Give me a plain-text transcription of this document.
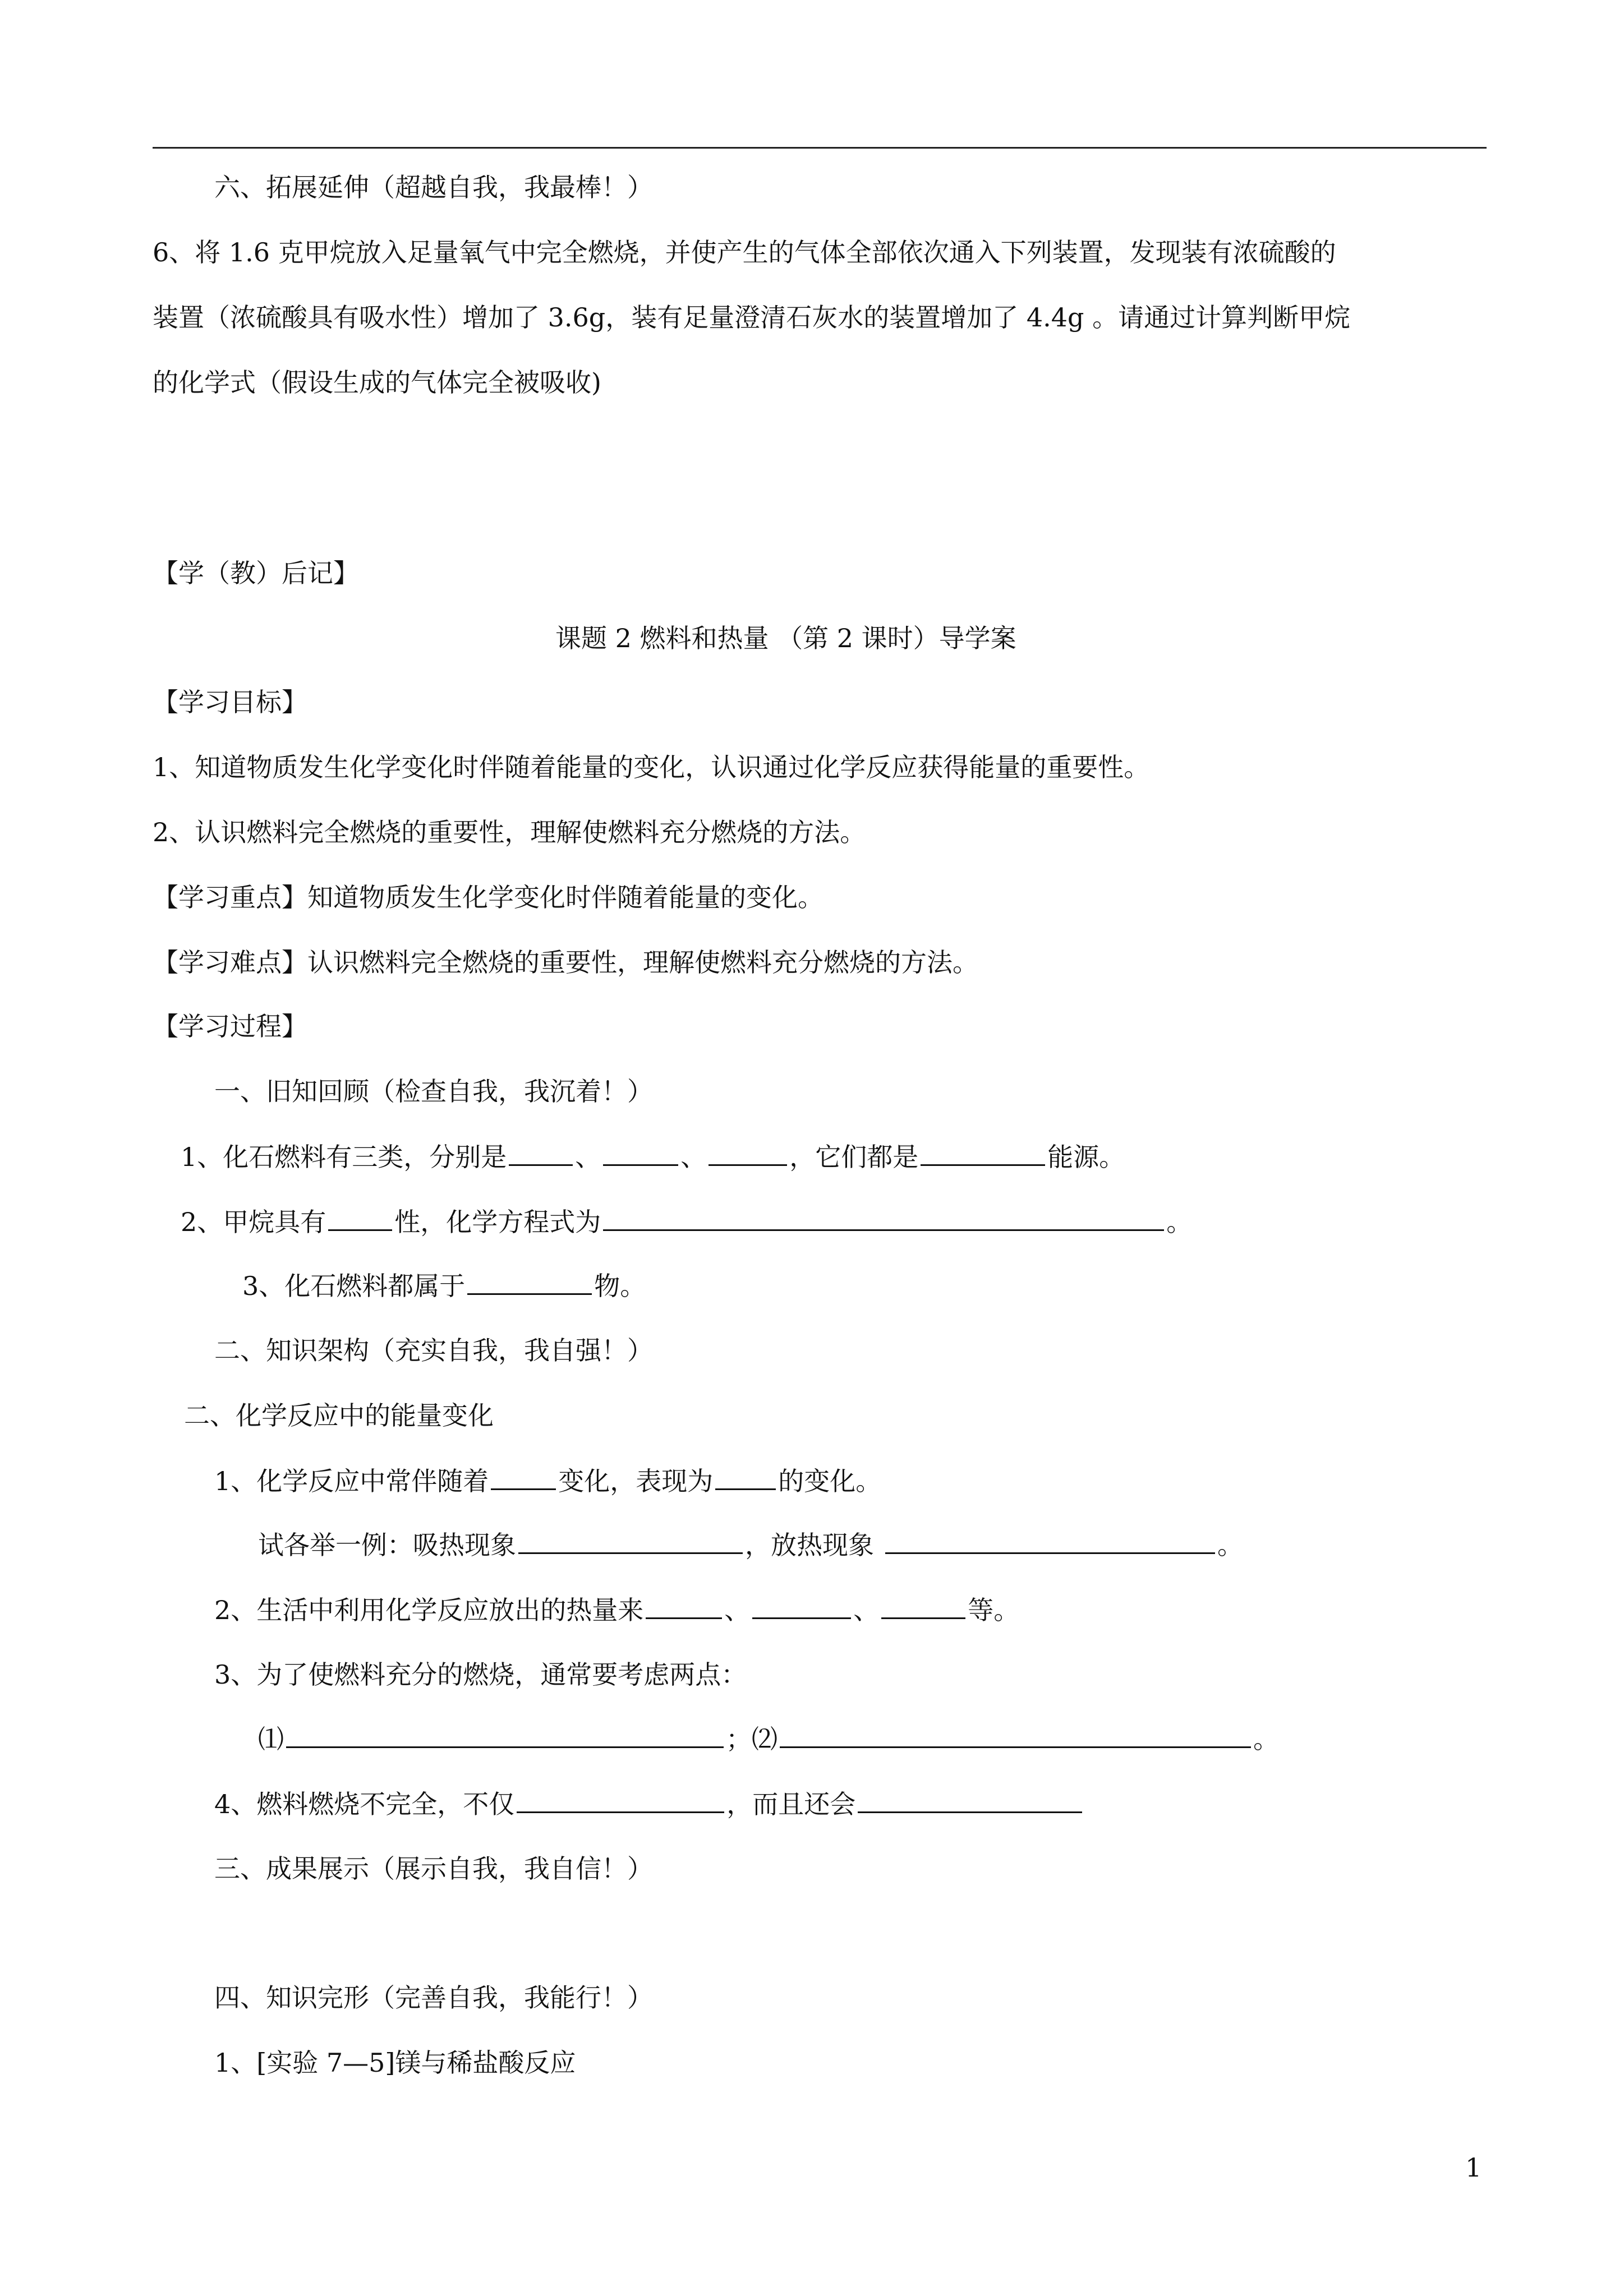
六、拓展延伸（超越自我，我最棒！）
6、将 1.6 克甲烷放入足量氧气中完全燃烧，并使产生的气体全部依次通入下列装置，发现装有浓硫酸的
装置（浓硫酸具有吸水性）增加了 3.6g，装有足量澄清石灰水的装置增加了 4.4g 。请通过计算判断甲烷
的化学式（假设生成的气体完全被吸收)
【学（教）后记】
课题 2 燃料和热量 （第 2 课时）导学案
【学习目标】
1、知道物质发生化学变化时伴随着能量的变化，认识通过化学反应获得能量的重要性。
2、认识燃料完全燃烧的重要性，理解使燃料充分燃烧的方法。
【学习重点】知道物质发生化学变化时伴随着能量的变化。
【学习难点】认识燃料完全燃烧的重要性，理解使燃料充分燃烧的方法。
【学习过程】
一、旧知回顾（检查自我，我沉着！）
1、化石燃料有三类，分别是	、	、	，它们都是	能源。
2、甲烷具有	性，化学方程式为	。
3、化石燃料都属于	物。
二、知识架构（充实自我，我自强！）
二、化学反应中的能量变化
1、化学反应中常伴随着	变化，表现为	的变化。
试各举一例：吸热现象	，放热现象	。
2、生活中利用化学反应放出的热量来	、	、	等。
3、为了使燃料充分的燃烧，通常要考虑两点：
⑴	；⑵	。
4、燃料燃烧不完全，不仅	，而且还会
三、成果展示（展示自我，我自信！）
四、知识完形（完善自我，我能行！）
1、[实验 7—5]镁与稀盐酸反应
1
